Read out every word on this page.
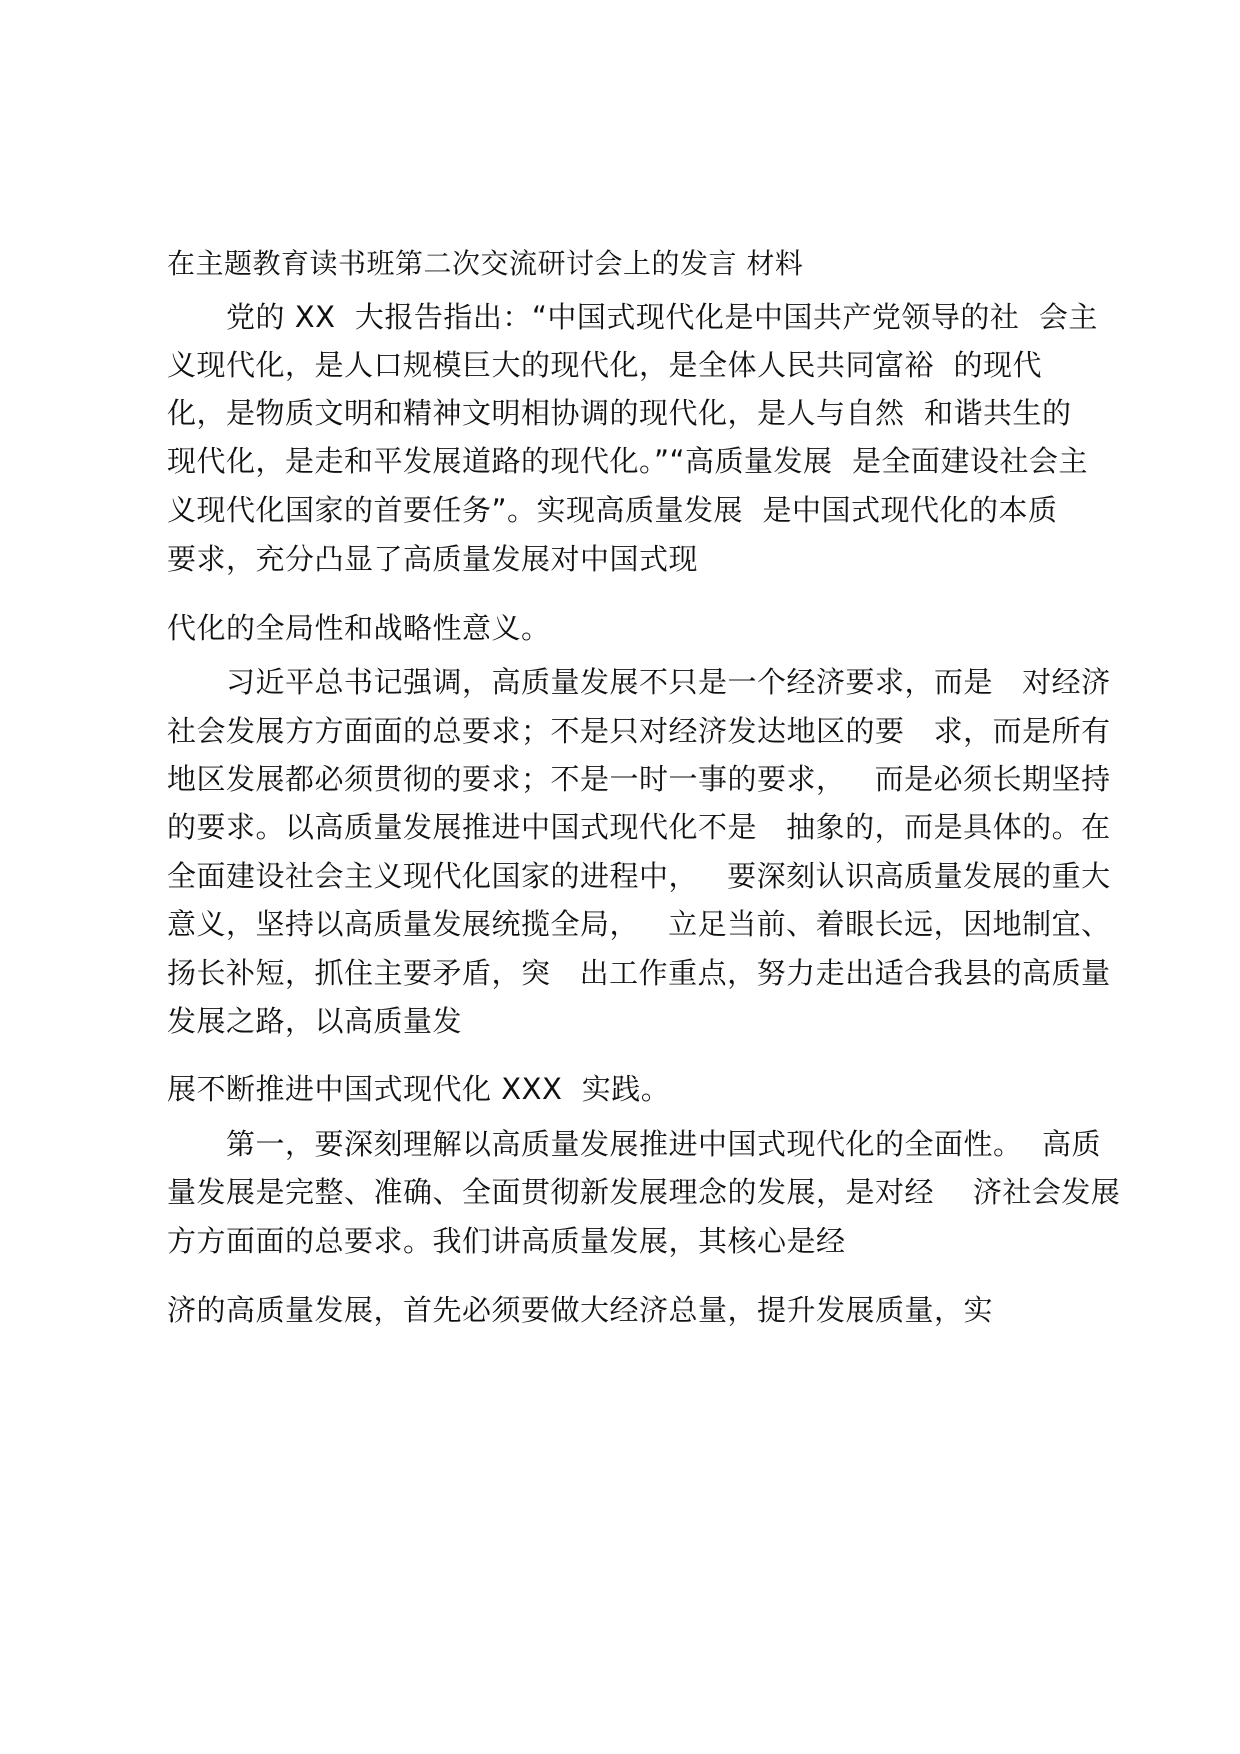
在主题教育读书班第二次交流研讨会上的发言 材料
　　党的 XX  大报告指出：“中国式现代化是中国共产党领导的社  会主
义现代化，是人口规模巨大的现代化，是全体人民共同富裕  的现代
化，是物质文明和精神文明相协调的现代化，是人与自然  和谐共生的
现代化，是走和平发展道路的现代化。”“高质量发展  是全面建设社会主
义现代化国家的首要任务”。实现高质量发展  是中国式现代化的本质
要求，充分凸显了高质量发展对中国式现
代化的全局性和战略性意义。
　　习近平总书记强调，高质量发展不只是一个经济要求，而是   对经济
社会发展方方面面的总要求；不是只对经济发达地区的要   求，而是所有
地区发展都必须贯彻的要求；不是一时一事的要求，   而是必须长期坚持
的要求。以高质量发展推进中国式现代化不是   抽象的，而是具体的。在
全面建设社会主义现代化国家的进程中，   要深刻认识高质量发展的重大
意义，坚持以高质量发展统揽全局，   立足当前、着眼长远，因地制宜、
扬长补短，抓住主要矛盾，突   出工作重点，努力走出适合我县的高质量
发展之路，以高质量发
展不断推进中国式现代化 XXX  实践。
　　第一，要深刻理解以高质量发展推进中国式现代化的全面性。  高质
量发展是完整、准确、全面贯彻新发展理念的发展，是对经    济社会发展
方方面面的总要求。我们讲高质量发展，其核心是经
济的高质量发展，首先必须要做大经济总量，提升发展质量，实
